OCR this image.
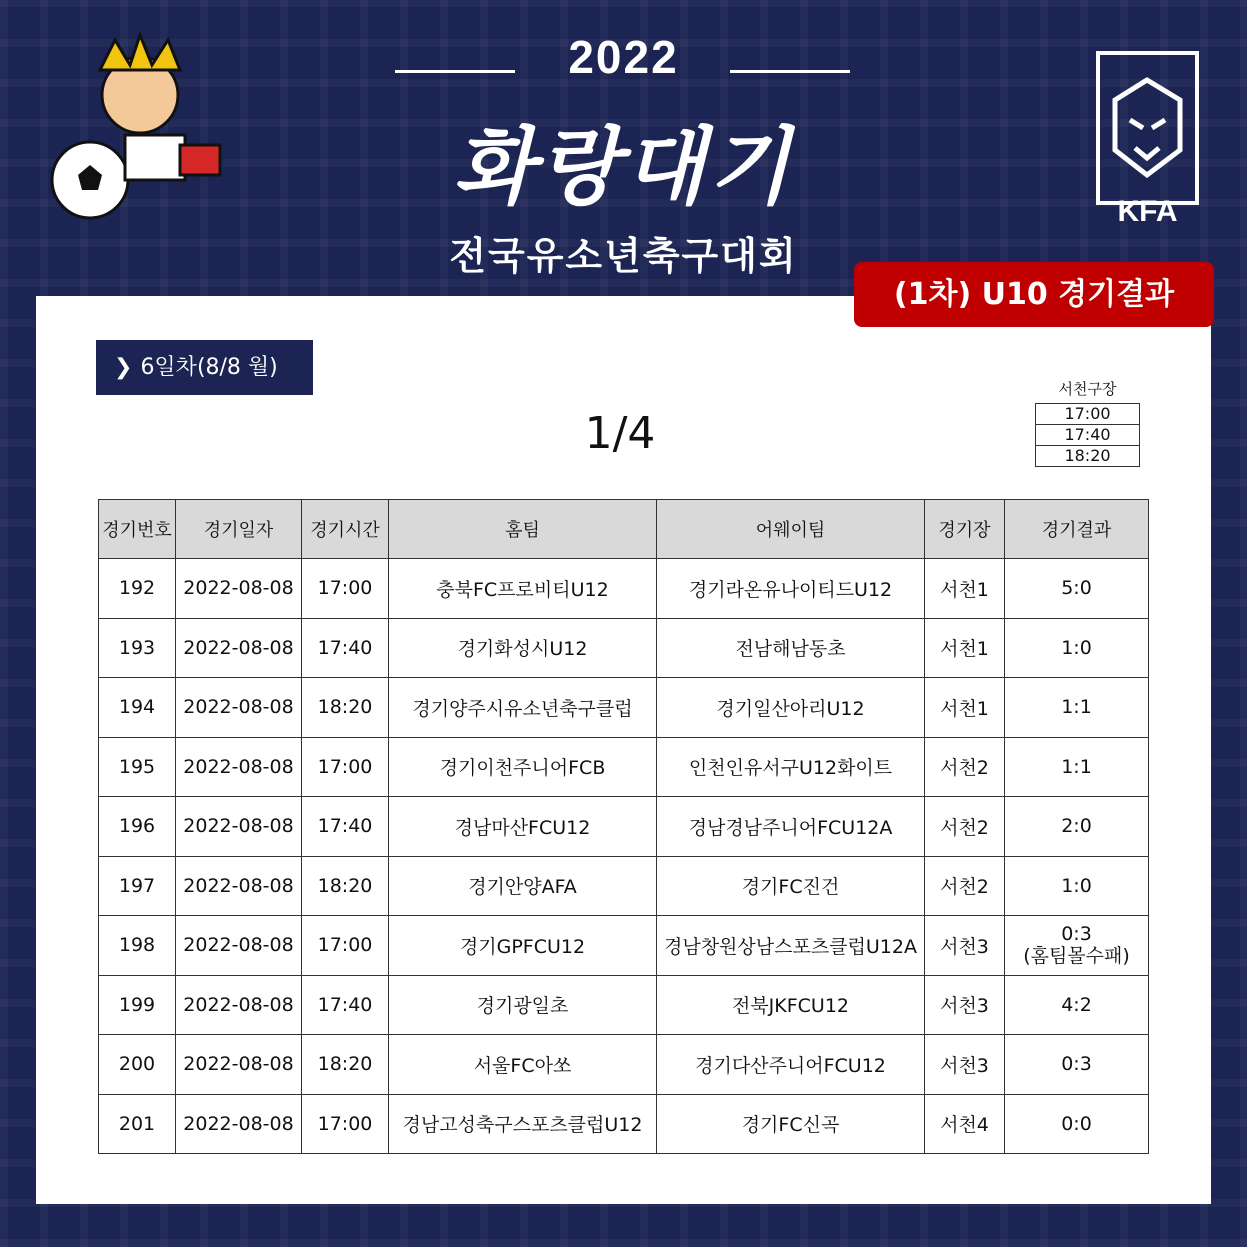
2022
화랑대기
전국유소년축구대회
KFA
(1차) U10 경기결과
❯ 6일차(8/8 월)
1/4
서천구장
17:00
17:40
18:20
경기번호	경기일자	경기시간	홈팀	어웨이팀	경기장	경기결과
192	2022-08-08	17:00	충북FC프로비티U12	경기라온유나이티드U12	서천1	5:0

193	2022-08-08	17:40	경기화성시U12	전남해남동초	서천1	1:0

194	2022-08-08	18:20	경기양주시유소년축구클럽	경기일산아리U12	서천1	1:1

195	2022-08-08	17:00	경기이천주니어FCB	인천인유서구U12화이트	서천2	1:1

196	2022-08-08	17:40	경남마산FCU12	경남경남주니어FCU12A	서천2	2:0

197	2022-08-08	18:20	경기안양AFA	경기FC진건	서천2	1:0

198	2022-08-08	17:00	경기GPFCU12	경남창원상남스포츠클럽U12A	서천3	0:3
(홈팀몰수패)

199	2022-08-08	17:40	경기광일초	전북JKFCU12	서천3	4:2

200	2022-08-08	18:20	서울FC아쏘	경기다산주니어FCU12	서천3	0:3

201	2022-08-08	17:00	경남고성축구스포츠클럽U12	경기FC신곡	서천4	0:0
